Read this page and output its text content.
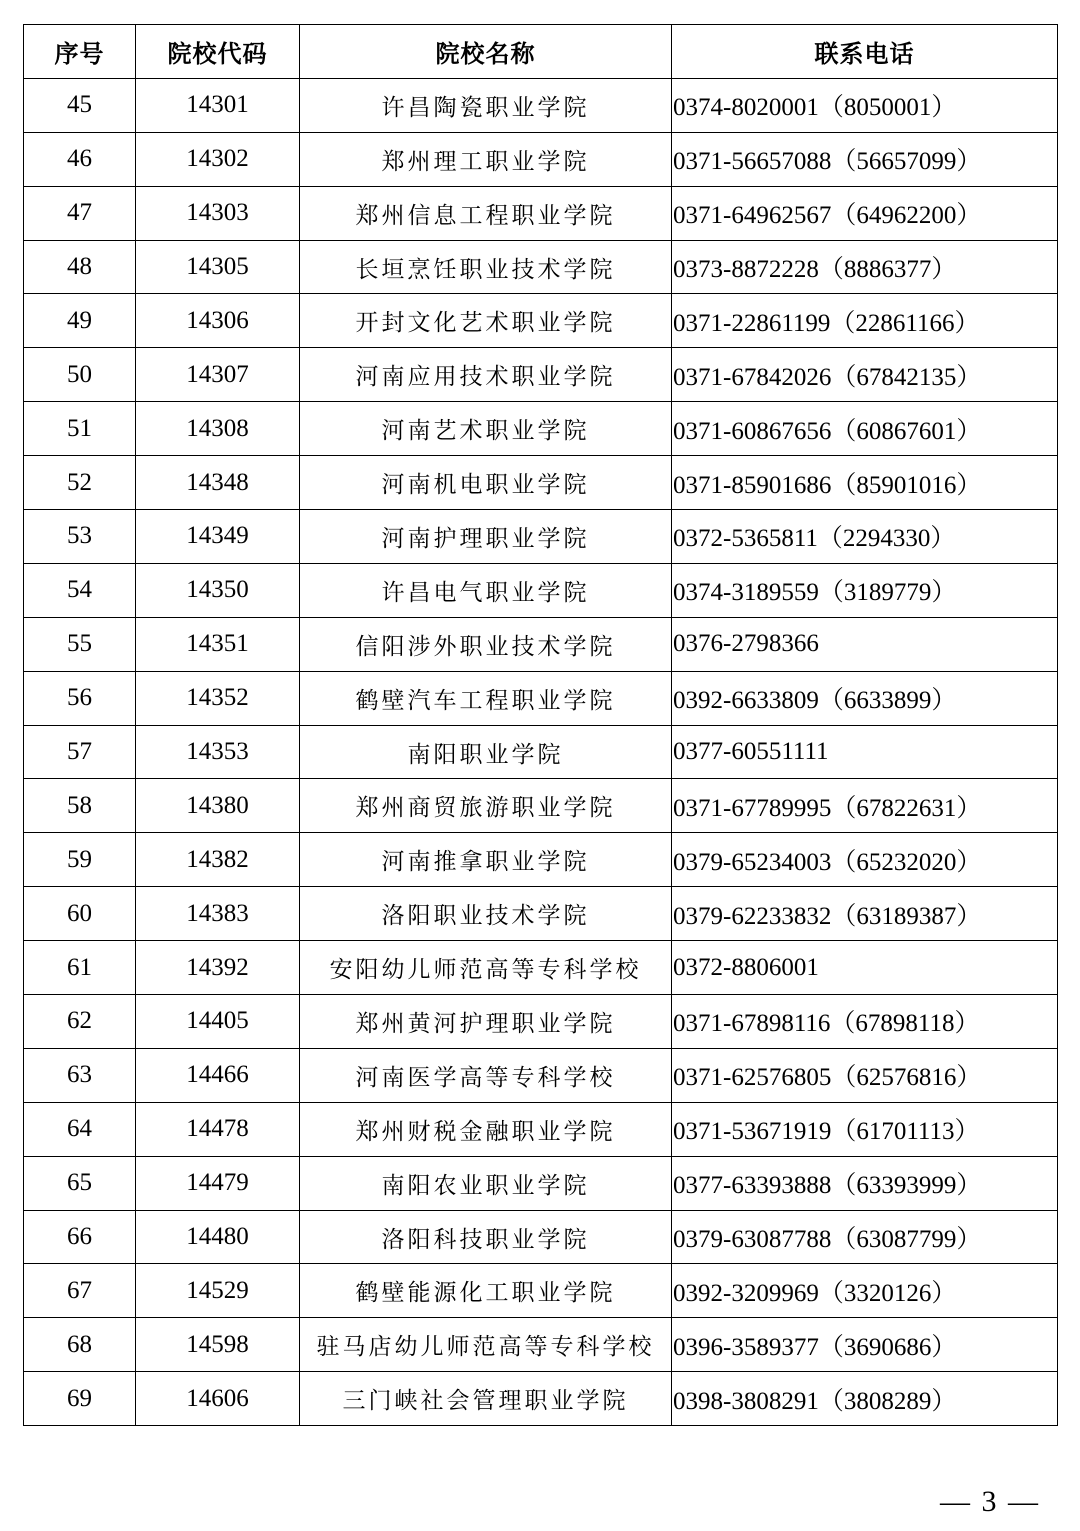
序号	院校代码	院校名称	联系电话
45	14301	许昌陶瓷职业学院	0374-8020001（8050001）
46	14302	郑州理工职业学院	0371-56657088（56657099）
47	14303	郑州信息工程职业学院	0371-64962567（64962200）
48	14305	长垣烹饪职业技术学院	0373-8872228（8886377）
49	14306	开封文化艺术职业学院	0371-22861199（22861166）
50	14307	河南应用技术职业学院	0371-67842026（67842135）
51	14308	河南艺术职业学院	0371-60867656（60867601）
52	14348	河南机电职业学院	0371-85901686（85901016）
53	14349	河南护理职业学院	0372-5365811（2294330）
54	14350	许昌电气职业学院	0374-3189559（3189779）
55	14351	信阳涉外职业技术学院	0376-2798366
56	14352	鹤壁汽车工程职业学院	0392-6633809（6633899）
57	14353	南阳职业学院	0377-60551111
58	14380	郑州商贸旅游职业学院	0371-67789995（67822631）
59	14382	河南推拿职业学院	0379-65234003（65232020）
60	14383	洛阳职业技术学院	0379-62233832（63189387）
61	14392	安阳幼儿师范高等专科学校	0372-8806001
62	14405	郑州黄河护理职业学院	0371-67898116（67898118）
63	14466	河南医学高等专科学校	0371-62576805（62576816）
64	14478	郑州财税金融职业学院	0371-53671919（61701113）
65	14479	南阳农业职业学院	0377-63393888（63393999）
66	14480	洛阳科技职业学院	0379-63087788（63087799）
67	14529	鹤壁能源化工职业学院	0392-3209969（3320126）
68	14598	驻马店幼儿师范高等专科学校	0396-3589377（3690686）
69	14606	三门峡社会管理职业学院	0398-3808291（3808289）
— 3 —
